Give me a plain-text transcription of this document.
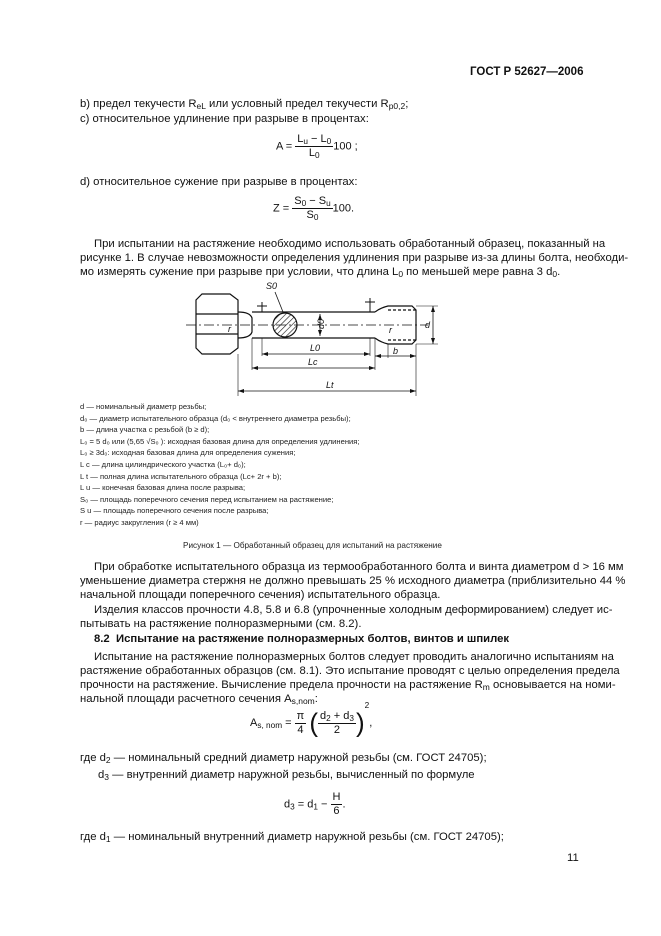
ГОСТ Р 52627—2006
b) предел текучести $R_{eL}$ или условный предел текучести $R_{p0,2}$;
c) относительное удлинение при разрыве в процентах:
$A = \frac{L_u - L_0}{L_0} 100$ ;
d) относительное сужение при разрыве в процентах:
$Z = \frac{S_0 - S_u}{S_0} 100$.
При испытании на растяжение необходимо использовать обработанный образец, показанный на
рисунке 1. В случае невозможности определения удлинения при разрыве из-за длины болта, необходи-
мо измерять сужение при разрыве при условии, что длина $L_0$ по меньшей мере равна 3 $d_0$.
S0
d0	d
r	r
L0
Lc
Lt
b
d — номинальный диаметр резьбы;
d₀ — диаметр испытательного образца (d₀ < внутреннего диаметра резьбы);
b — длина участка с резьбой (b ≥ d);
L₀ = 5 d₀ или (5,65 √S₀ ): исходная базовая длина для определения удлинения;
L₀ ≥ 3d₀: исходная базовая длина для определения сужения;
L c — длина цилиндрического участка (L₀+ d₀);
L t — полная длина испытательного образца (Lc+ 2r + b);
L u — конечная базовая длина после разрыва;
S₀ — площадь поперечного сечения перед испытанием на растяжение;
S u — площадь поперечного сечения после разрыва;
r — радиус закругления (r ≥ 4 мм)
Рисунок 1 — Обработанный образец для испытаний на растяжение
При обработке испытательного образца из термообработанного болта и винта диаметром d > 16 мм
уменьшение диаметра стержня не должно превышать 25 % исходного диаметра (приблизительно 44 %
начальной площади поперечного сечения) испытательного образца.
Изделия классов прочности 4.8, 5.8 и 6.8 (упрочненные холодным деформированием) следует ис-
пытывать на растяжение полноразмерными (см. 8.2).
8.2 Испытание на растяжение полноразмерных болтов, винтов и шпилек
Испытание на растяжение полноразмерных болтов следует проводить аналогично испытаниям на
растяжение обработанных образцов (см. 8.1). Это испытание проводят с целью определения предела
прочности на растяжение. Вычисление предела прочности на растяжение $R_m$ основывается на номи-
нальной площади расчетного сечения $A_{s,nom}$:
$A_{s, nom} = \frac{\pi}{4}$ ( $\frac{d_2 + d_3}{2} )^2$,
где $d_2$ — номинальный средний диаметр наружной резьбы (см. ГОСТ 24705);
$d_3$ — внутренний диаметр наружной резьбы, вычисленный по формуле
$d_3 = d_1 - \frac{H}{6}$ .
где $d_1$ — номинальный внутренний диаметр наружной резьбы (см. ГОСТ 24705);
11
